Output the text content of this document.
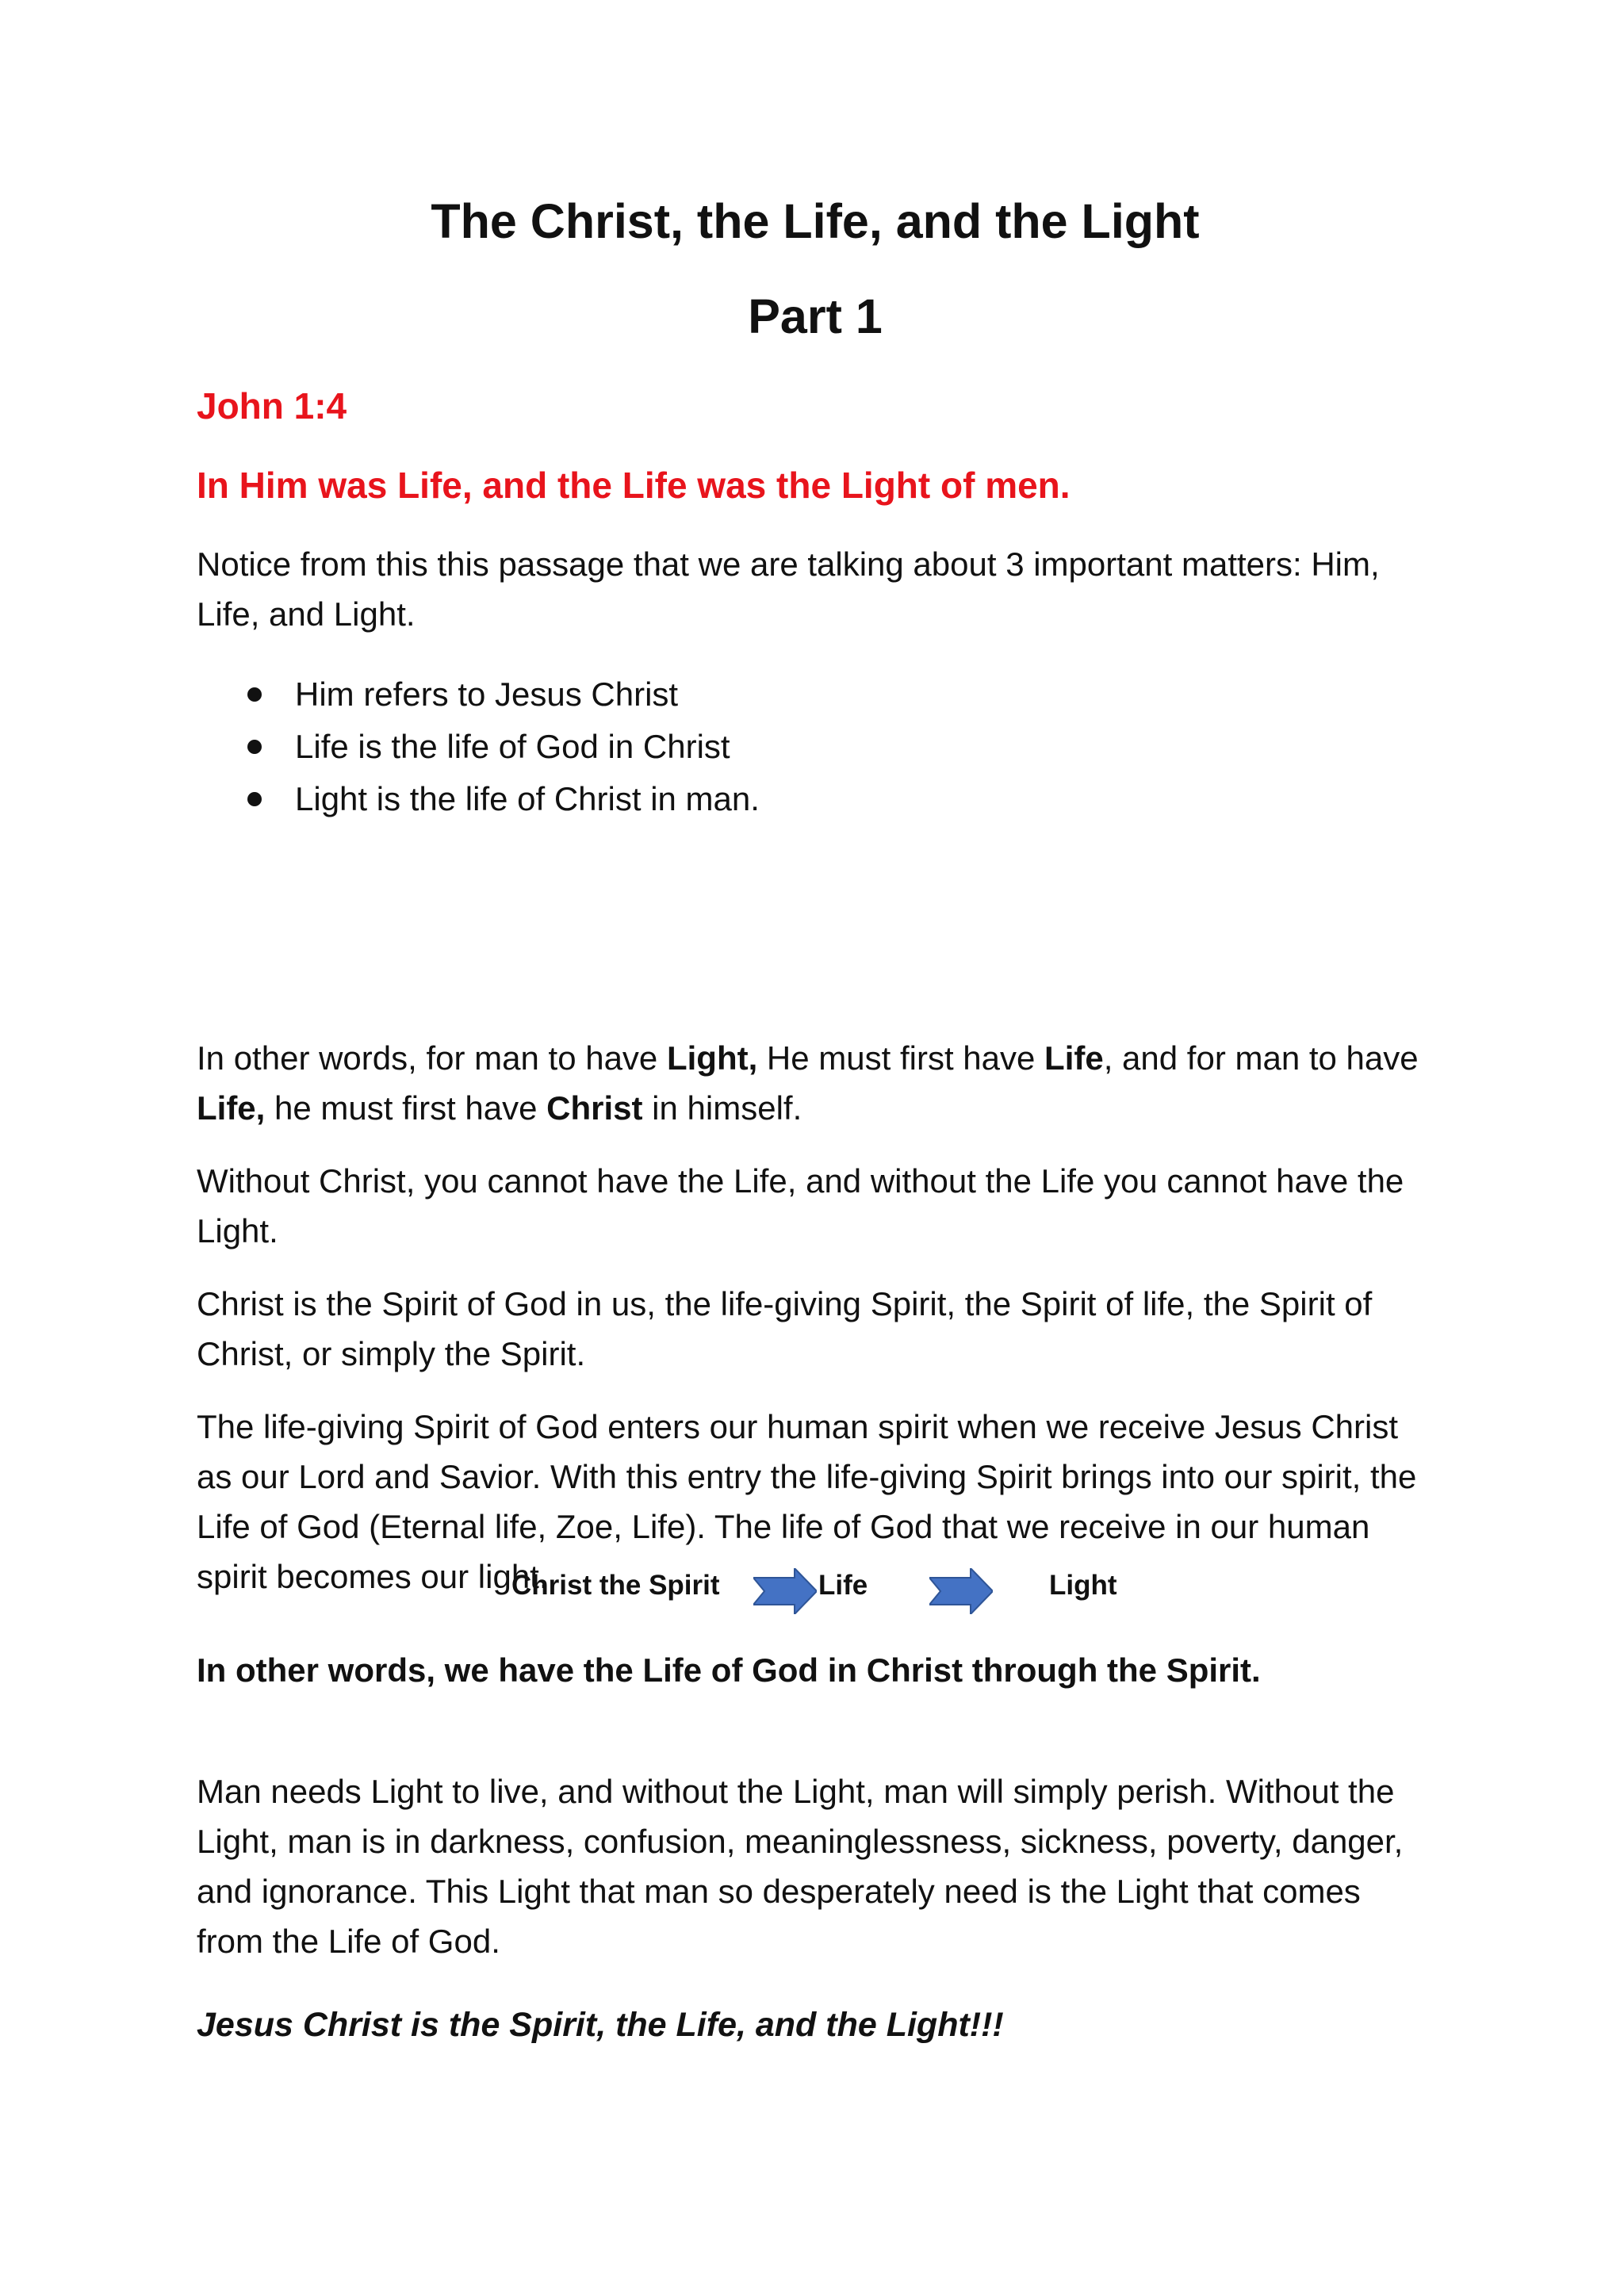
The Christ, the Life, and the Light
Part 1

John 1:4

In Him was Life, and the Life was the Light of men.

Notice from this this passage that we are talking about 3 important matters: Him, Life, and Light.

Him refers to Jesus Christ
Life is the life of God in Christ
Light is the life of Christ in man.

In other words, for man to have Light, He must first have Life, and for man to have Life, he must first have Christ in himself.

Without Christ, you cannot have the Life, and without the Life you cannot have the Light.

Christ is the Spirit of God in us, the life-giving Spirit, the Spirit of life, the Spirit of Christ, or simply the Spirit.

The life-giving Spirit of God enters our human spirit when we receive Jesus Christ as our Lord and Savior. With this entry the life-giving Spirit brings into our spirit, the Life of God (Eternal life, Zoe, Life). The life of God that we receive in our human spirit becomes our light.

Christ the Spirit	Life	Light

In other words, we have the Life of God in Christ through the Spirit.

Man needs Light to live, and without the Light, man will simply perish. Without the Light, man is in darkness, confusion, meaninglessness, sickness, poverty, danger, and ignorance. This Light that man so desperately need is the Light that comes from the Life of God.

Jesus Christ is the Spirit, the Life, and the Light!!!
